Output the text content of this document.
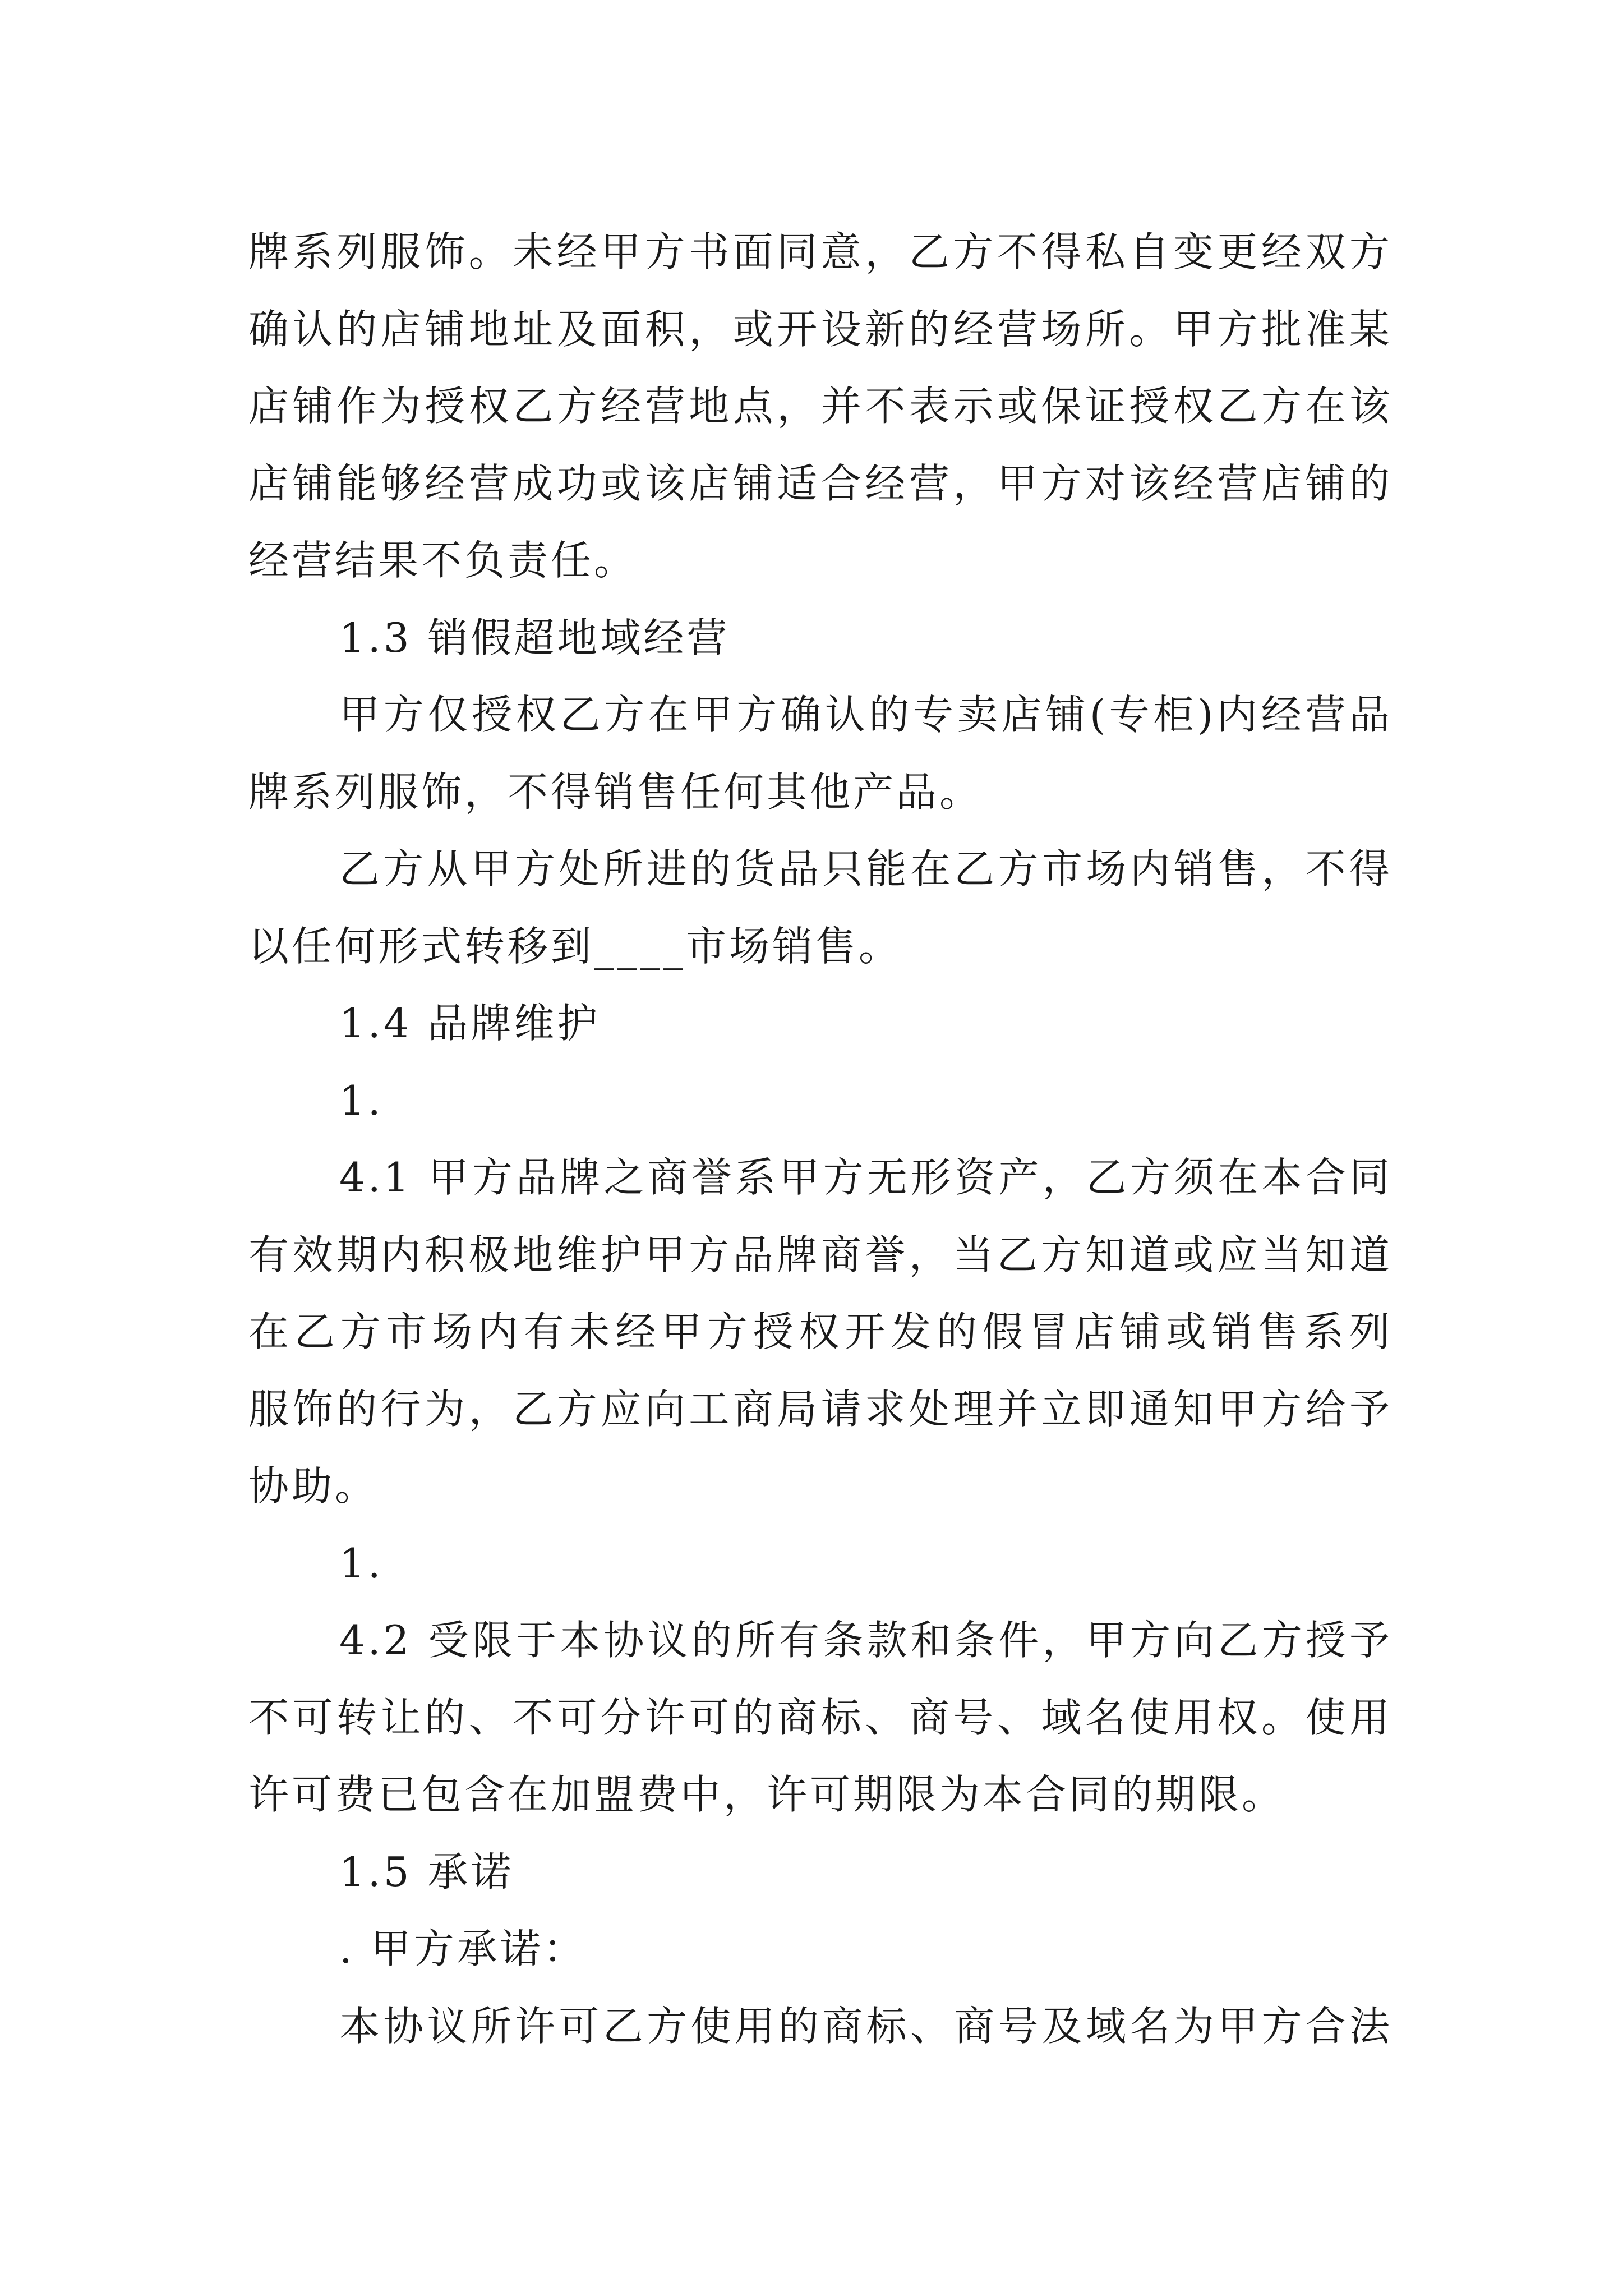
牌系列服饰。未经甲方书面同意，乙方不得私自变更经双方
确认的店铺地址及面积，或开设新的经营场所。甲方批准某
店铺作为授权乙方经营地点，并不表示或保证授权乙方在该
店铺能够经营成功或该店铺适合经营，甲方对该经营店铺的
经营结果不负责任。
1.3 销假超地域经营
甲方仅授权乙方在甲方确认的专卖店铺(专柜)内经营品
牌系列服饰，不得销售任何其他产品。
乙方从甲方处所进的货品只能在乙方市场内销售，不得
以任何形式转移到____市场销售。
1.4 品牌维护
1.
4.1 甲方品牌之商誉系甲方无形资产，乙方须在本合同
有效期内积极地维护甲方品牌商誉，当乙方知道或应当知道
在乙方市场内有未经甲方授权开发的假冒店铺或销售系列
服饰的行为，乙方应向工商局请求处理并立即通知甲方给予
协助。
1.
4.2 受限于本协议的所有条款和条件，甲方向乙方授予
不可转让的、不可分许可的商标、商号、域名使用权。使用
许可费已包含在加盟费中，许可期限为本合同的期限。
1.5 承诺
. 甲方承诺：
本协议所许可乙方使用的商标、商号及域名为甲方合法
